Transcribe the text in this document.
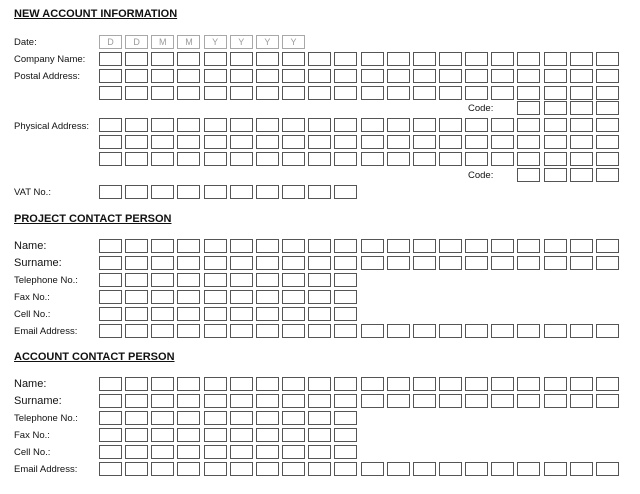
NEW ACCOUNT INFORMATION
Date:	D	D	M	M	Y	Y	Y	Y
Company Name:
Postal Address:
Code:
Physical Address:
Code:
VAT No.:
PROJECT CONTACT PERSON
Name:
Surname:
Telephone No.:
Fax No.:
Cell No.:
Email Address:
ACCOUNT CONTACT PERSON
Name:
Surname:
Telephone No.:
Fax No.:
Cell No.:
Email Address:
